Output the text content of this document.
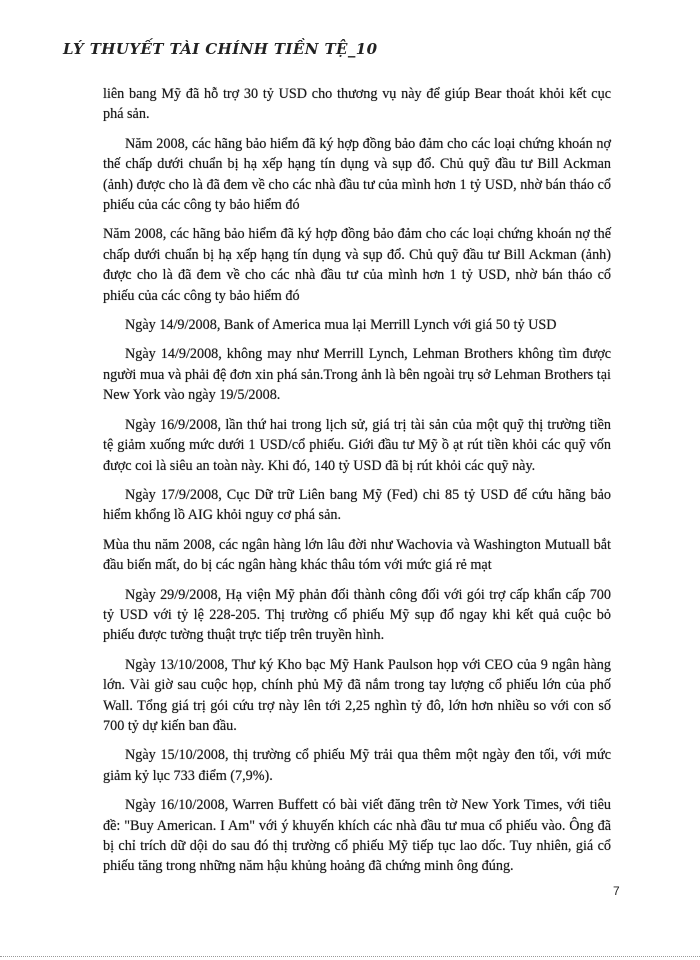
LÝ THUYẾT TÀI CHÍNH TIỀN TỆ_10

liên bang Mỹ đã hỗ trợ 30 tỷ USD cho thương vụ này để giúp Bear thoát khỏi kết cục phá sản.

Năm 2008, các hãng bảo hiểm đã ký hợp đồng bảo đảm cho các loại chứng khoán nợ thế chấp dưới chuẩn bị hạ xếp hạng tín dụng và sụp đổ. Chủ quỹ đầu tư Bill Ackman (ảnh) được cho là đã đem về cho các nhà đầu tư của mình hơn 1 tỷ USD, nhờ bán tháo cổ phiếu của các công ty bảo hiểm đó

Năm 2008, các hãng bảo hiểm đã ký hợp đồng bảo đảm cho các loại chứng khoán nợ thế chấp dưới chuẩn bị hạ xếp hạng tín dụng và sụp đổ. Chủ quỹ đầu tư Bill Ackman (ảnh) được cho là đã đem về cho các nhà đầu tư của mình hơn 1 tỷ USD, nhờ bán tháo cổ phiếu của các công ty bảo hiểm đó

Ngày 14/9/2008, Bank of America mua lại Merrill Lynch với giá 50 tỷ USD

Ngày 14/9/2008, không may như Merrill Lynch, Lehman Brothers không tìm được người mua và phải đệ đơn xin phá sản.Trong ảnh là bên ngoài trụ sở Lehman Brothers tại New York vào ngày 19/5/2008.

Ngày 16/9/2008, lần thứ hai trong lịch sử, giá trị tài sản của một quỹ thị trường tiền tệ giảm xuống mức dưới 1 USD/cổ phiếu. Giới đầu tư Mỹ ồ ạt rút tiền khỏi các quỹ vốn được coi là siêu an toàn này. Khi đó, 140 tỷ USD đã bị rút khỏi các quỹ này.

Ngày 17/9/2008, Cục Dữ trữ Liên bang Mỹ (Fed) chi 85 tỷ USD để cứu hãng bảo hiểm khổng lồ AIG khỏi nguy cơ phá sản.

Mùa thu năm 2008, các ngân hàng lớn lâu đời như Wachovia và Washington Mutuall bắt đầu biến mất, do bị các ngân hàng khác thâu tóm với mức giá rẻ mạt

Ngày 29/9/2008, Hạ viện Mỹ phản đối thành công đối với gói trợ cấp khẩn cấp 700 tỷ USD với tỷ lệ 228-205. Thị trường cổ phiếu Mỹ sụp đổ ngay khi kết quả cuộc bỏ phiếu được tường thuật trực tiếp trên truyền hình.

Ngày 13/10/2008, Thư ký Kho bạc Mỹ Hank Paulson họp với CEO của 9 ngân hàng lớn. Vài giờ sau cuộc họp, chính phủ Mỹ đã nắm trong tay lượng cổ phiếu lớn của phố Wall. Tổng giá trị gói cứu trợ này lên tới 2,25 nghìn tỷ đô, lớn hơn nhiều so với con số 700 tỷ dự kiến ban đầu.

Ngày 15/10/2008, thị trường cổ phiếu Mỹ trải qua thêm một ngày đen tối, với mức giảm kỷ lục 733 điểm (7,9%).

Ngày 16/10/2008, Warren Buffett có bài viết đăng trên tờ New York Times, với tiêu đề: "Buy American. I Am" với ý khuyến khích các nhà đầu tư mua cổ phiếu vào. Ông đã bị chỉ trích dữ dội do sau đó thị trường cổ phiếu Mỹ tiếp tục lao dốc. Tuy nhiên, giá cổ phiếu tăng trong những năm hậu khủng hoảng đã chứng minh ông đúng.

7
